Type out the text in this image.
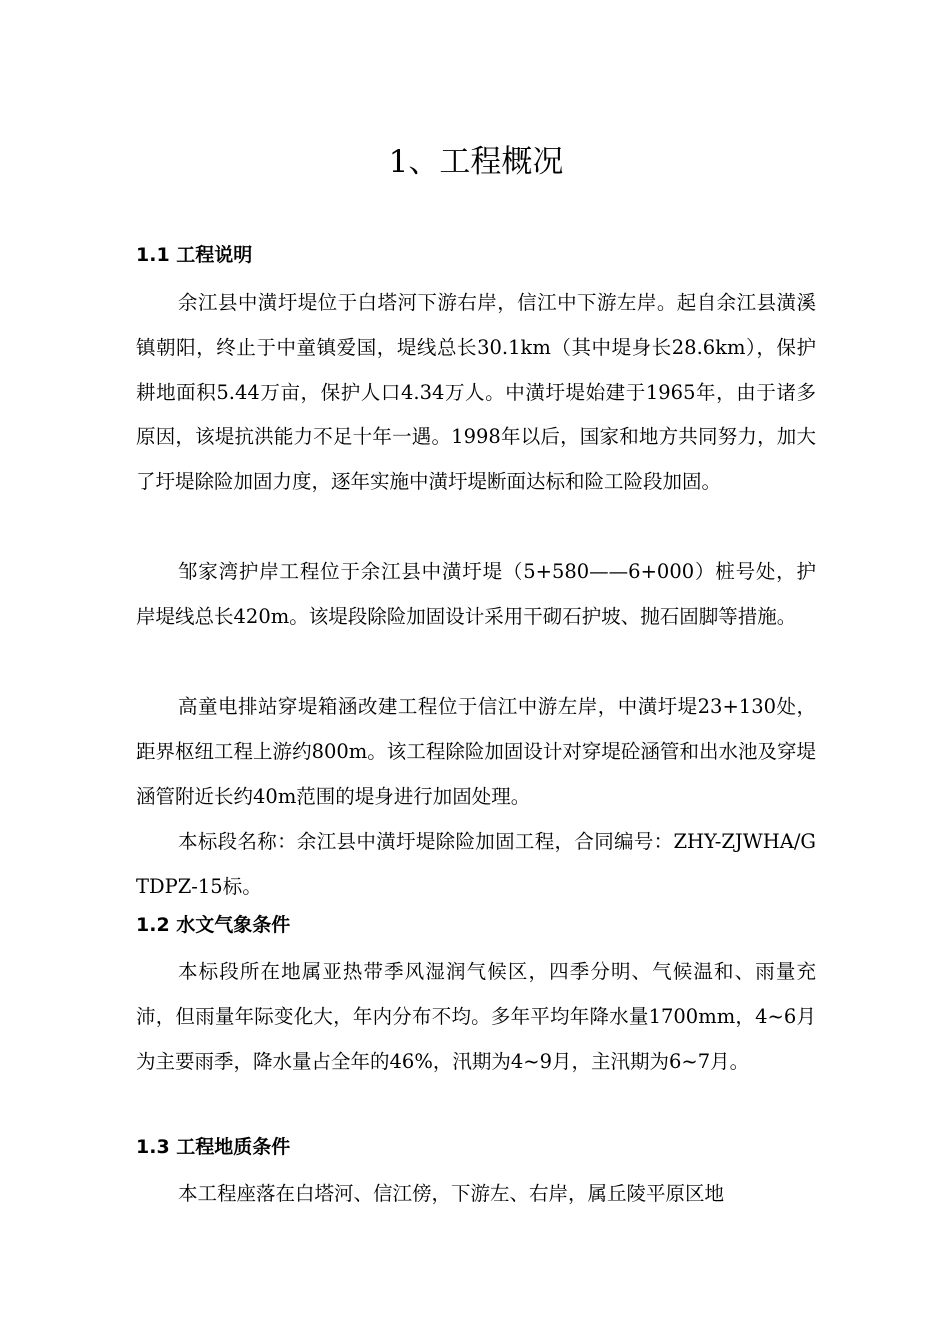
1、工程概况
1.1 工程说明

余江县中潢圩堤位于白塔河下游右岸，信江中下游左岸。起自余江县潢溪镇朝阳，终止于中童镇爱国，堤线总长30.1km（其中堤身长28.6km），保护耕地面积5.44万亩，保护人口4.34万人。中潢圩堤始建于1965年，由于诸多原因，该堤抗洪能力不足十年一遇。1998年以后，国家和地方共同努力，加大了圩堤除险加固力度，逐年实施中潢圩堤断面达标和险工险段加固。

邹家湾护岸工程位于余江县中潢圩堤（5+580——6+000）桩号处，护岸堤线总长420m。该堤段除险加固设计采用干砌石护坡、抛石固脚等措施。

高童电排站穿堤箱涵改建工程位于信江中游左岸，中潢圩堤23+130处，距界枢纽工程上游约800m。该工程除险加固设计对穿堤砼涵管和出水池及穿堤涵管附近长约40m范围的堤身进行加固处理。

本标段名称：余江县中潢圩堤除险加固工程，合同编号：ZHY-ZJWHA/GTDPZ-15标。

1.2 水文气象条件

本标段所在地属亚热带季风湿润气候区，四季分明、气候温和、雨量充沛，但雨量年际变化大，年内分布不均。多年平均年降水量1700mm，4~6月为主要雨季，降水量占全年的46%，汛期为4~9月，主汛期为6~7月。

1.3 工程地质条件

本工程座落在白塔河、信江傍，下游左、右岸，属丘陵平原区地
